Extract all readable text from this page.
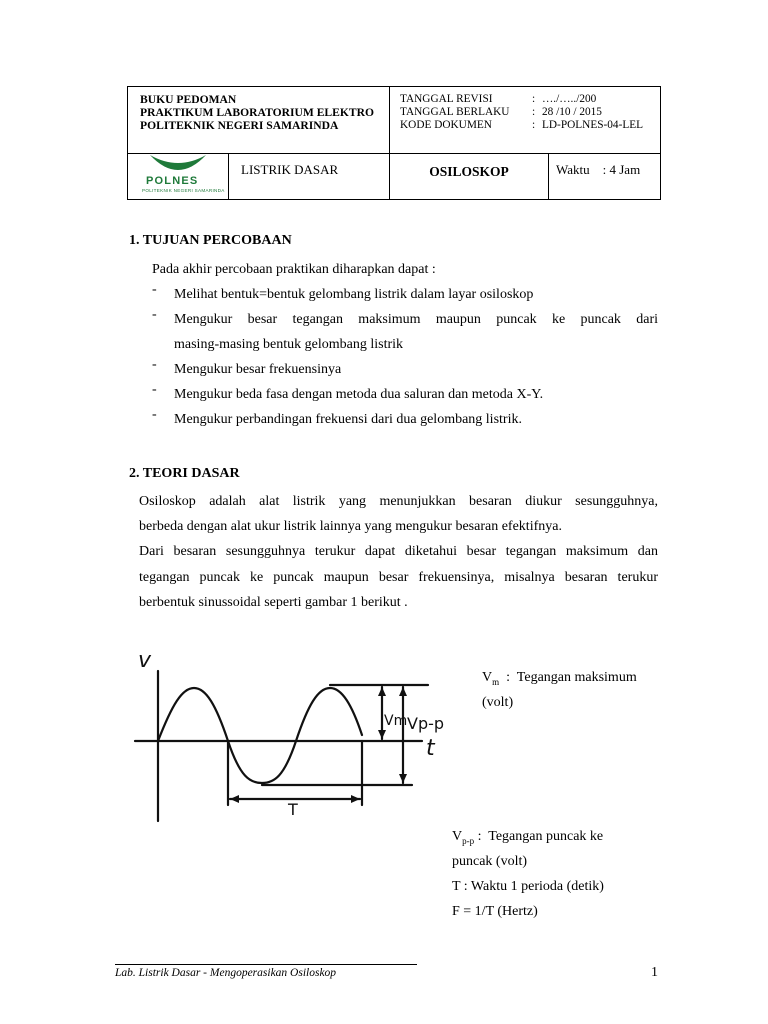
BUKU PEDOMAN
PRAKTIKUM LABORATORIUM ELEKTRO
POLITEKNIK NEGERI SAMARINDA
TANGGAL REVISI	: …./…../200
TANGGAL BERLAKU	: 28 /10 / 2015
KODE DOKUMEN	: LD-POLNES-04-LEL
POLNES
POLITEKNIK NEGERI SAMARINDA
LISTRIK DASAR	OSILOSKOP	Waktu : 4 Jam
1. TUJUAN PERCOBAAN
Pada akhir percobaan praktikan diharapkan dapat :
- Melihat bentuk=bentuk gelombang listrik dalam layar osiloskop
- Mengukur besar tegangan maksimum maupun puncak ke puncak dari
masing-masing bentuk gelombang listrik
- Mengukur besar frekuensinya
- Mengukur beda fasa dengan metoda dua saluran dan metoda X-Y.
- Mengukur perbandingan frekuensi dari dua gelombang listrik.
2. TEORI DASAR
Osiloskop adalah alat listrik yang menunjukkan besaran diukur sesungguhnya,
berbeda dengan alat ukur listrik lainnya yang mengukur besaran efektifnya.
Dari besaran sesungguhnya terukur dapat diketahui besar tegangan maksimum dan
tegangan puncak ke puncak maupun besar frekuensinya, misalnya besaran terukur
berbentuk sinussoidal seperti gambar 1 berikut .
v
t
Vm Vp-p
T
$V_m$  :  Tegangan maksimum
(volt)
$V_{p-p}$ :  Tegangan puncak ke
puncak (volt)
T : Waktu 1 perioda (detik)
F = 1/T (Hertz)
Lab. Listrik Dasar - Mengoperasikan Osiloskop	1
